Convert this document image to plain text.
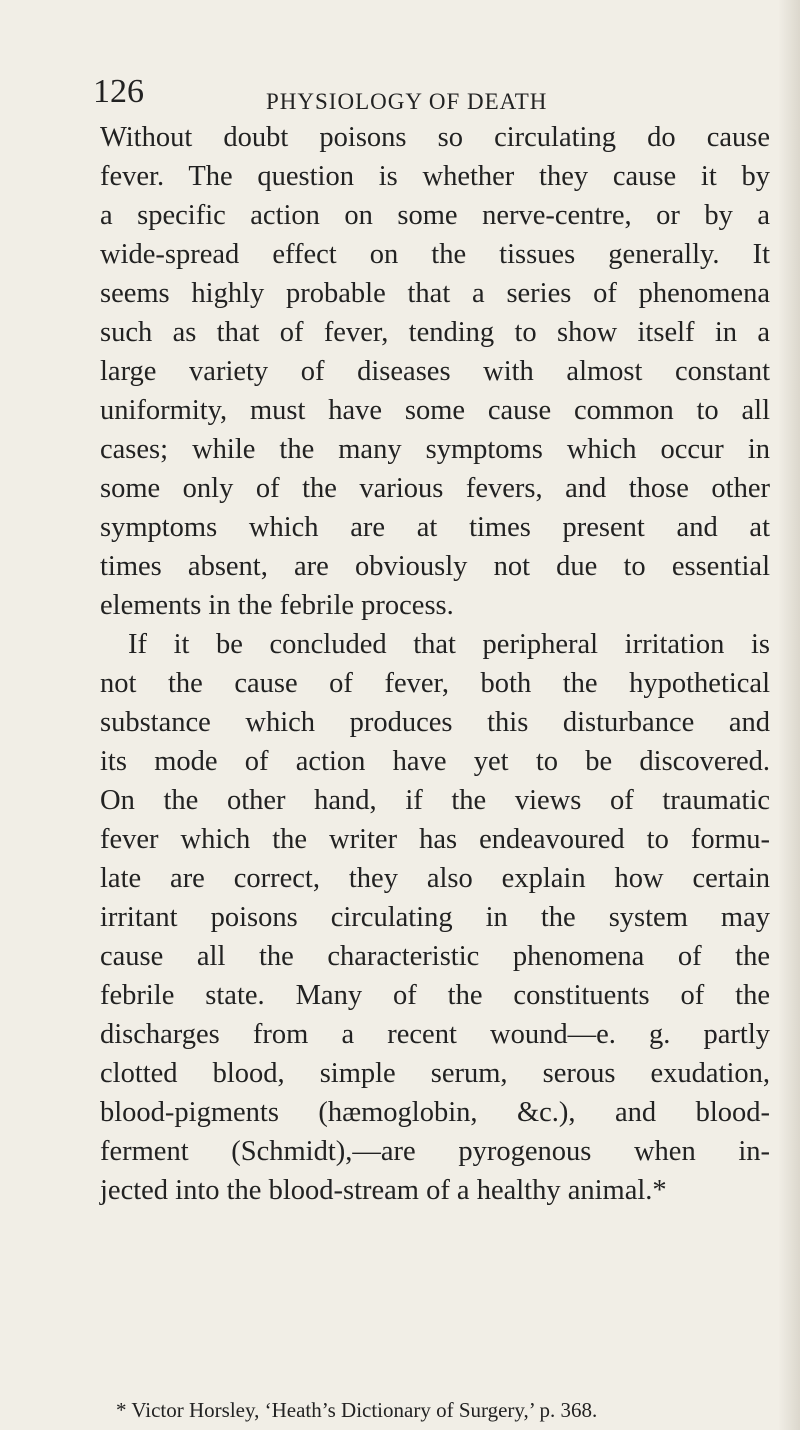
126	PHYSIOLOGY OF DEATH
Without doubt poisons so circulating do cause
fever. The question is whether they cause it by
a specific action on some nerve-centre, or by a
wide-spread effect on the tissues generally. It
seems highly probable that a series of phenomena
such as that of fever, tending to show itself in a
large variety of diseases with almost constant
uniformity, must have some cause common to all
cases; while the many symptoms which occur in
some only of the various fevers, and those other
symptoms which are at times present and at
times absent, are obviously not due to essential
elements in the febrile process.
If it be concluded that peripheral irritation is
not the cause of fever, both the hypothetical
substance which produces this disturbance and
its mode of action have yet to be discovered.
On the other hand, if the views of traumatic
fever which the writer has endeavoured to formu-
late are correct, they also explain how certain
irritant poisons circulating in the system may
cause all the characteristic phenomena of the
febrile state. Many of the constituents of the
discharges from a recent wound—e. g. partly
clotted blood, simple serum, serous exudation,
blood-pigments (hæmoglobin, &c.), and blood-
ferment (Schmidt),—are pyrogenous when in-
jected into the blood-stream of a healthy animal.*
* Victor Horsley, ‘Heath’s Dictionary of Surgery,’ p. 368.
